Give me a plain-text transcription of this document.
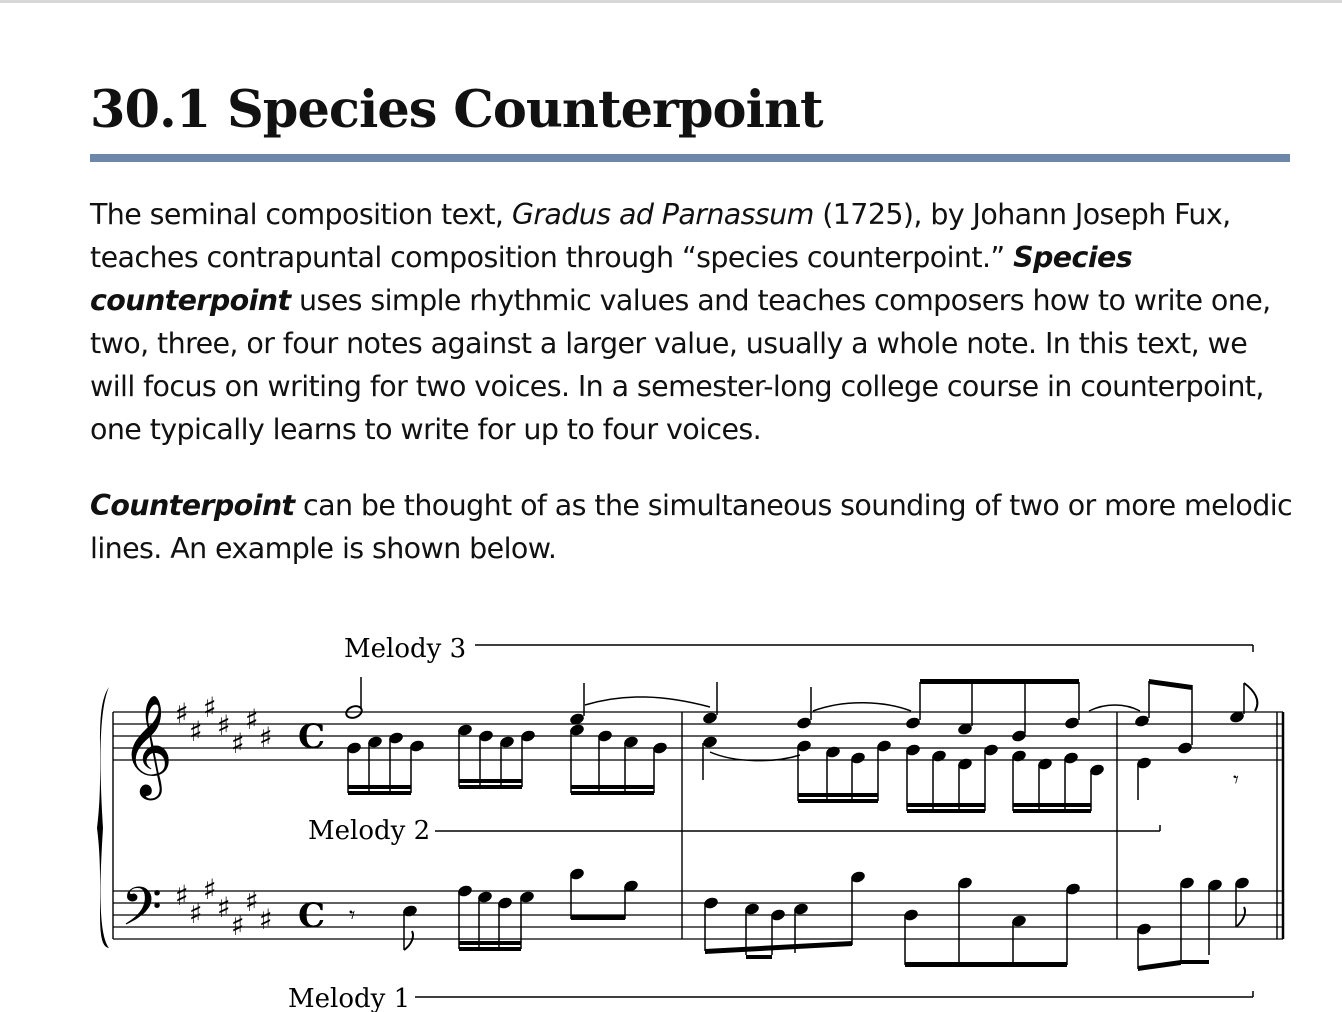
30.1 Species Counterpoint

The seminal composition text, Gradus ad Parnassum (1725), by Johann Joseph Fux, teaches contrapuntal composition through “species counterpoint.” Species counterpoint uses simple rhythmic values and teaches composers how to write one, two, three, or four notes against a larger value, usually a whole note. In this text, we will focus on writing for two voices. In a semester-long college course in counterpoint, one typically learns to write for up to four voices.

Counterpoint can be thought of as the simultaneous sounding of two or more melodic lines. An example is shown below.

Melody 3
Melody 2
Melody 1
𝄞
𝄢
♯
♯
♯
♯
♯
♯
♯
♯
♯
♯
♯
♯
♯
♯
C
C
𝄾
𝄾
